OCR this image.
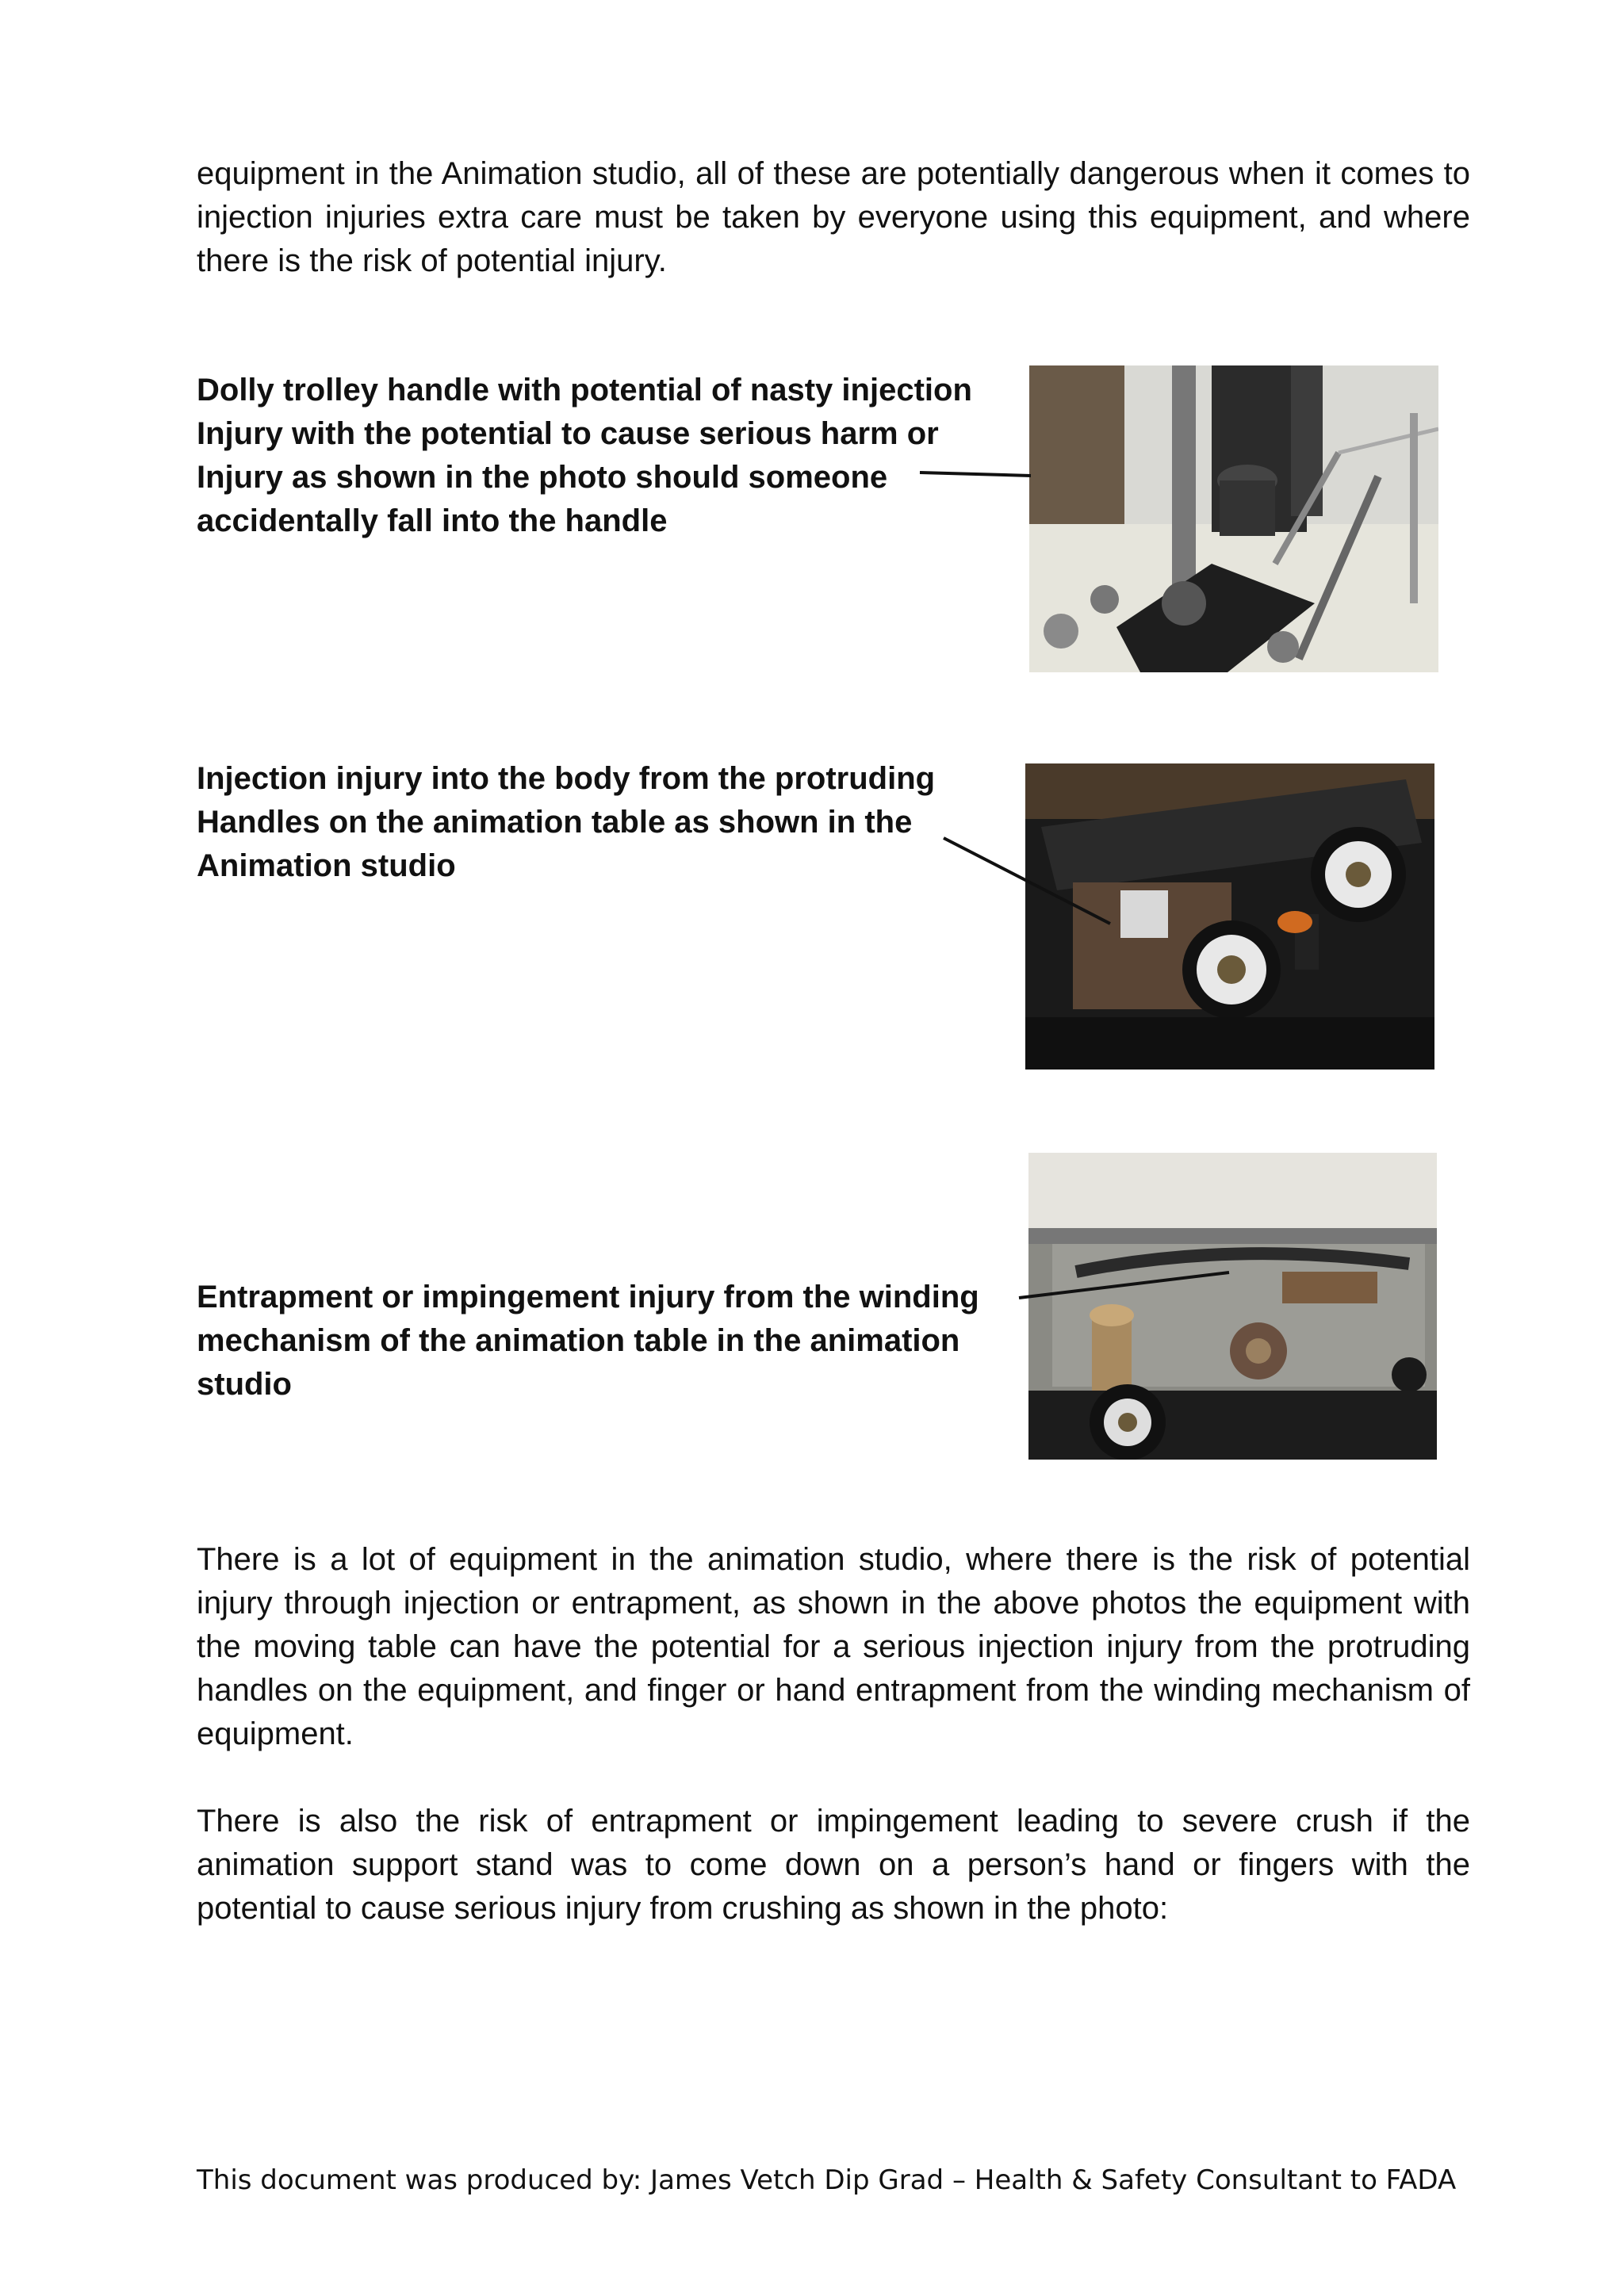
equipment in the Animation studio, all of these are potentially dangerous when it comes to injection injuries extra care must be taken by everyone using this equipment, and where there is the risk of potential injury.

Dolly trolley handle with potential of nasty injection
Injury with the potential to cause serious harm or
Injury as shown in the photo should someone
accidentally fall into the handle
Injection injury into the body from the protruding
Handles on the animation table as shown in the
Animation studio
Entrapment or impingement injury from the winding
mechanism of the animation table in the animation
studio

There is a lot of equipment in the animation studio, where there is the risk of potential injury through injection or entrapment, as shown in the above photos the equipment with the moving table can have the potential for a serious injection injury from the protruding handles on the equipment, and finger or hand entrapment from the winding mechanism of equipment.

There is also the risk of entrapment or impingement leading to severe crush if the animation support stand was to come down on a person’s hand or fingers with the potential to cause serious injury from crushing as shown in the photo:

This document was produced by: James Vetch Dip Grad – Health & Safety Consultant to FADA
